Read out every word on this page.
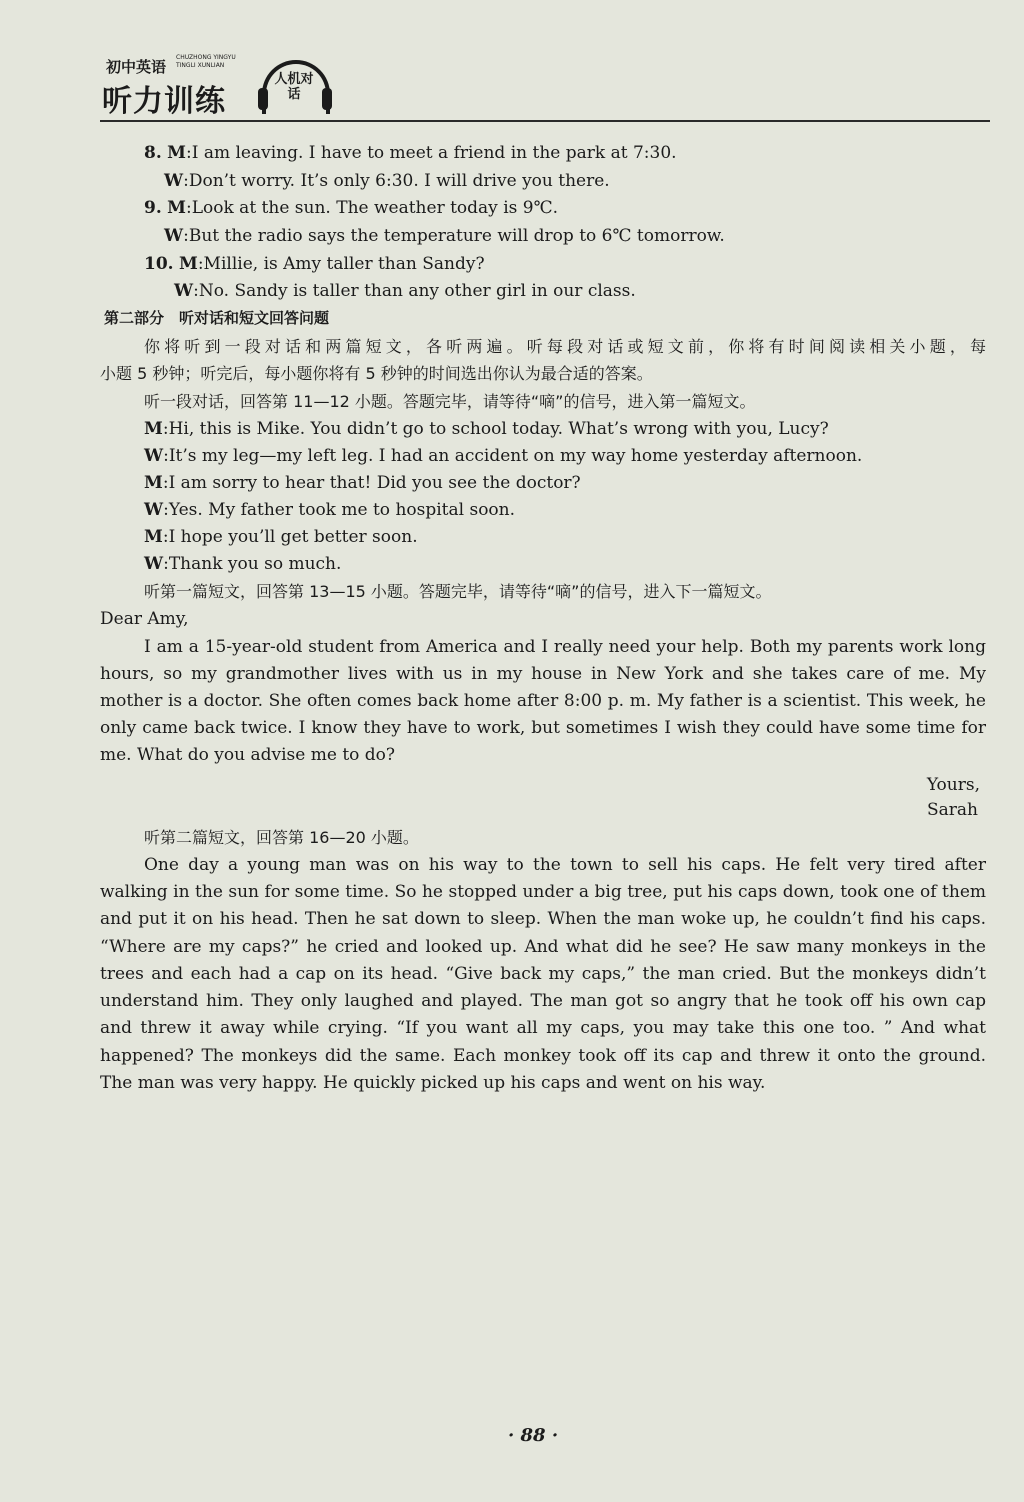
初中英语
CHUZHONG YINGYU TINGLI XUNLIAN
听力训练
人机对话
8. M:I am leaving. I have to meet a friend in the park at 7:30.
W:Don’t worry. It’s only 6:30. I will drive you there.
9. M:Look at the sun. The weather today is 9℃.
W:But the radio says the temperature will drop to 6℃ tomorrow.
10. M:Millie, is Amy taller than Sandy?
W:No. Sandy is taller than any other girl in our class.
第二部分　听对话和短文回答问题
你将听到一段对话和两篇短文，各听两遍。听每段对话或短文前，你将有时间阅读相关小题，每
小题 5 秒钟；听完后，每小题你将有 5 秒钟的时间选出你认为最合适的答案。
听一段对话，回答第 11—12 小题。答题完毕，请等待“嘀”的信号，进入第一篇短文。
M:Hi, this is Mike. You didn’t go to school today. What’s wrong with you, Lucy?
W:It’s my leg—my left leg. I had an accident on my way home yesterday afternoon.
M:I am sorry to hear that! Did you see the doctor?
W:Yes. My father took me to hospital soon.
M:I hope you’ll get better soon.
W:Thank you so much.
听第一篇短文，回答第 13—15 小题。答题完毕，请等待“嘀”的信号，进入下一篇短文。
Dear Amy,
I am a 15-year-old student from America and I really need your help. Both my parents work long
hours, so my grandmother lives with us in my house in New York and she takes care of me. My
mother is a doctor. She often comes back home after 8:00 p. m. My father is a scientist. This week, he
only came back twice. I know they have to work, but sometimes I wish they could have some time for
me. What do you advise me to do?
Yours,
Sarah
听第二篇短文，回答第 16—20 小题。
One day a young man was on his way to the town to sell his caps. He felt very tired after
walking in the sun for some time. So he stopped under a big tree, put his caps down, took one of them
and put it on his head. Then he sat down to sleep. When the man woke up, he couldn’t find his caps.
“Where are my caps?” he cried and looked up. And what did he see? He saw many monkeys in the
trees and each had a cap on its head. “Give back my caps,” the man cried. But the monkeys didn’t
understand him. They only laughed and played. The man got so angry that he took off his own cap
and threw it away while crying. “If you want all my caps, you may take this one too. ” And what
happened? The monkeys did the same. Each monkey took off its cap and threw it onto the ground.
The man was very happy. He quickly picked up his caps and went on his way.
· 88 ·
